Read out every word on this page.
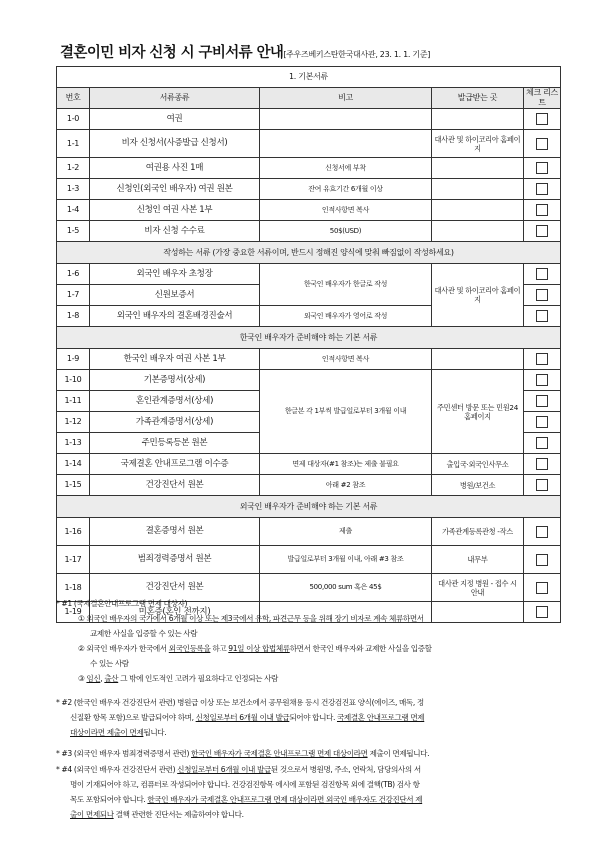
결혼이민 비자 신청 시 구비서류 안내[주우즈베키스탄한국대사관, 23. 1. 1. 기준]
1. 기본서류				
번호	서류종류	비고	발급받는 곳	체크 리스트
1-0	여권			
1-1	비자 신청서(사증발급 신청서)		대사관 및 하이코리아 홈페이지	
1-2	여권용 사진 1매	신청서에 부착		
1-3	신청인(외국인 배우자) 여권 원본	잔여 유효기간 6개월 이상		
1-4	신청인 여권 사본 1부	인적사항면 복사		
1-5	비자 신청 수수료	50$(USD)		
작성하는 서류 (가장 중요한 서류이며, 반드시 정해진 양식에 맞춰 빠짐없이 작성하세요)				
1-6	외국인 배우자 초청장	한국인 배우자가 한글로 작성	대사관 및 하이코리아 홈페이지	
1-7	신원보증서			
1-8	외국인 배우자의 결혼배경진술서	외국인 배우자가 영어로 작성		
한국인 배우자가 준비해야 하는 기본 서류				
1-9	한국인 배우자 여권 사본 1부	인적사항면 복사		
1-10	기본증명서(상세)	한글본 각 1부씩 발급일로부터 3개월 이내	주민센터 방문 또는 민원24 홈페이지	
1-11	혼인관계증명서(상세)			
1-12	가족관계증명서(상세)			
1-13	주민등록등본 원본			
1-14	국제결혼 안내프로그램 이수증	면제 대상자(#1 참조)는 제출 불필요	출입국·외국인사무소	
1-15	건강진단서 원본	아래 #2 참조	병원/보건소	
외국인 배우자가 준비해야 하는 기본 서류				
1-16	결혼증명서 원본	제출	가족관계등록관청 -작스	
1-17	범죄경력증명서 원본	발급일로부터 3개월 이내, 아래 #3 참조	내무부	
1-18	건강진단서 원본	500,000 sum 혹은 45$	대사관 지정 병원 - 접수 시 안내	
1-19	미혼증(혼인 전까지)			
* #1 (국제결혼안내프로그램 면제 대상자)
① 외국인 배우자의 국가에서 6개월 이상 또는 제3국에서 유학, 파견근무 등을 위해 장기 비자로 계속 체류하면서
교제한 사실을 입증할 수 있는 사람
② 외국인 배우자가 한국에서 외국인등록을 하고 91일 이상 합법체류하면서 한국인 배우자와 교제한 사실을 입증할
수 있는 사람
③ 임신, 출산 그 밖에 인도적인 고려가 필요하다고 인정되는 사람
* #2 (한국인 배우자 건강진단서 관련) 병원급 이상 또는 보건소에서 공무원채용 등시 건강검진표 양식(에이즈, 매독, 정
신질환 항목 포함)으로 발급되어야 하며, 신청일로부터 6개월 이내 발급되어야 합니다. 국제결혼 안내프로그램 면제
대상이라면 제출이 면제됩니다.
* #3 (외국인 배우자 범죄경력증명서 관련) 한국인 배우자가 국제결혼 안내프로그램 면제 대상이라면 제출이 면제됩니다.
* #4 (외국인 배우자 건강진단서 관련) 신청일로부터 6개월 이내 발급된 것으로서 병원명, 주소, 연락처, 담당의사의 서
명이 기재되어야 하고, 컴퓨터로 작성되어야 합니다. 건강검진항목 에시에 포함된 검진항목 외에 결핵(TB) 검사 항
목도 포함되어야 합니다. 한국인 배우자가 국제결혼 안내프로그램 면제 대상이라면 외국인 배우자도 건강진단서 제
출이 면제되나 결핵 관련한 진단서는 제출하여야 합니다.
